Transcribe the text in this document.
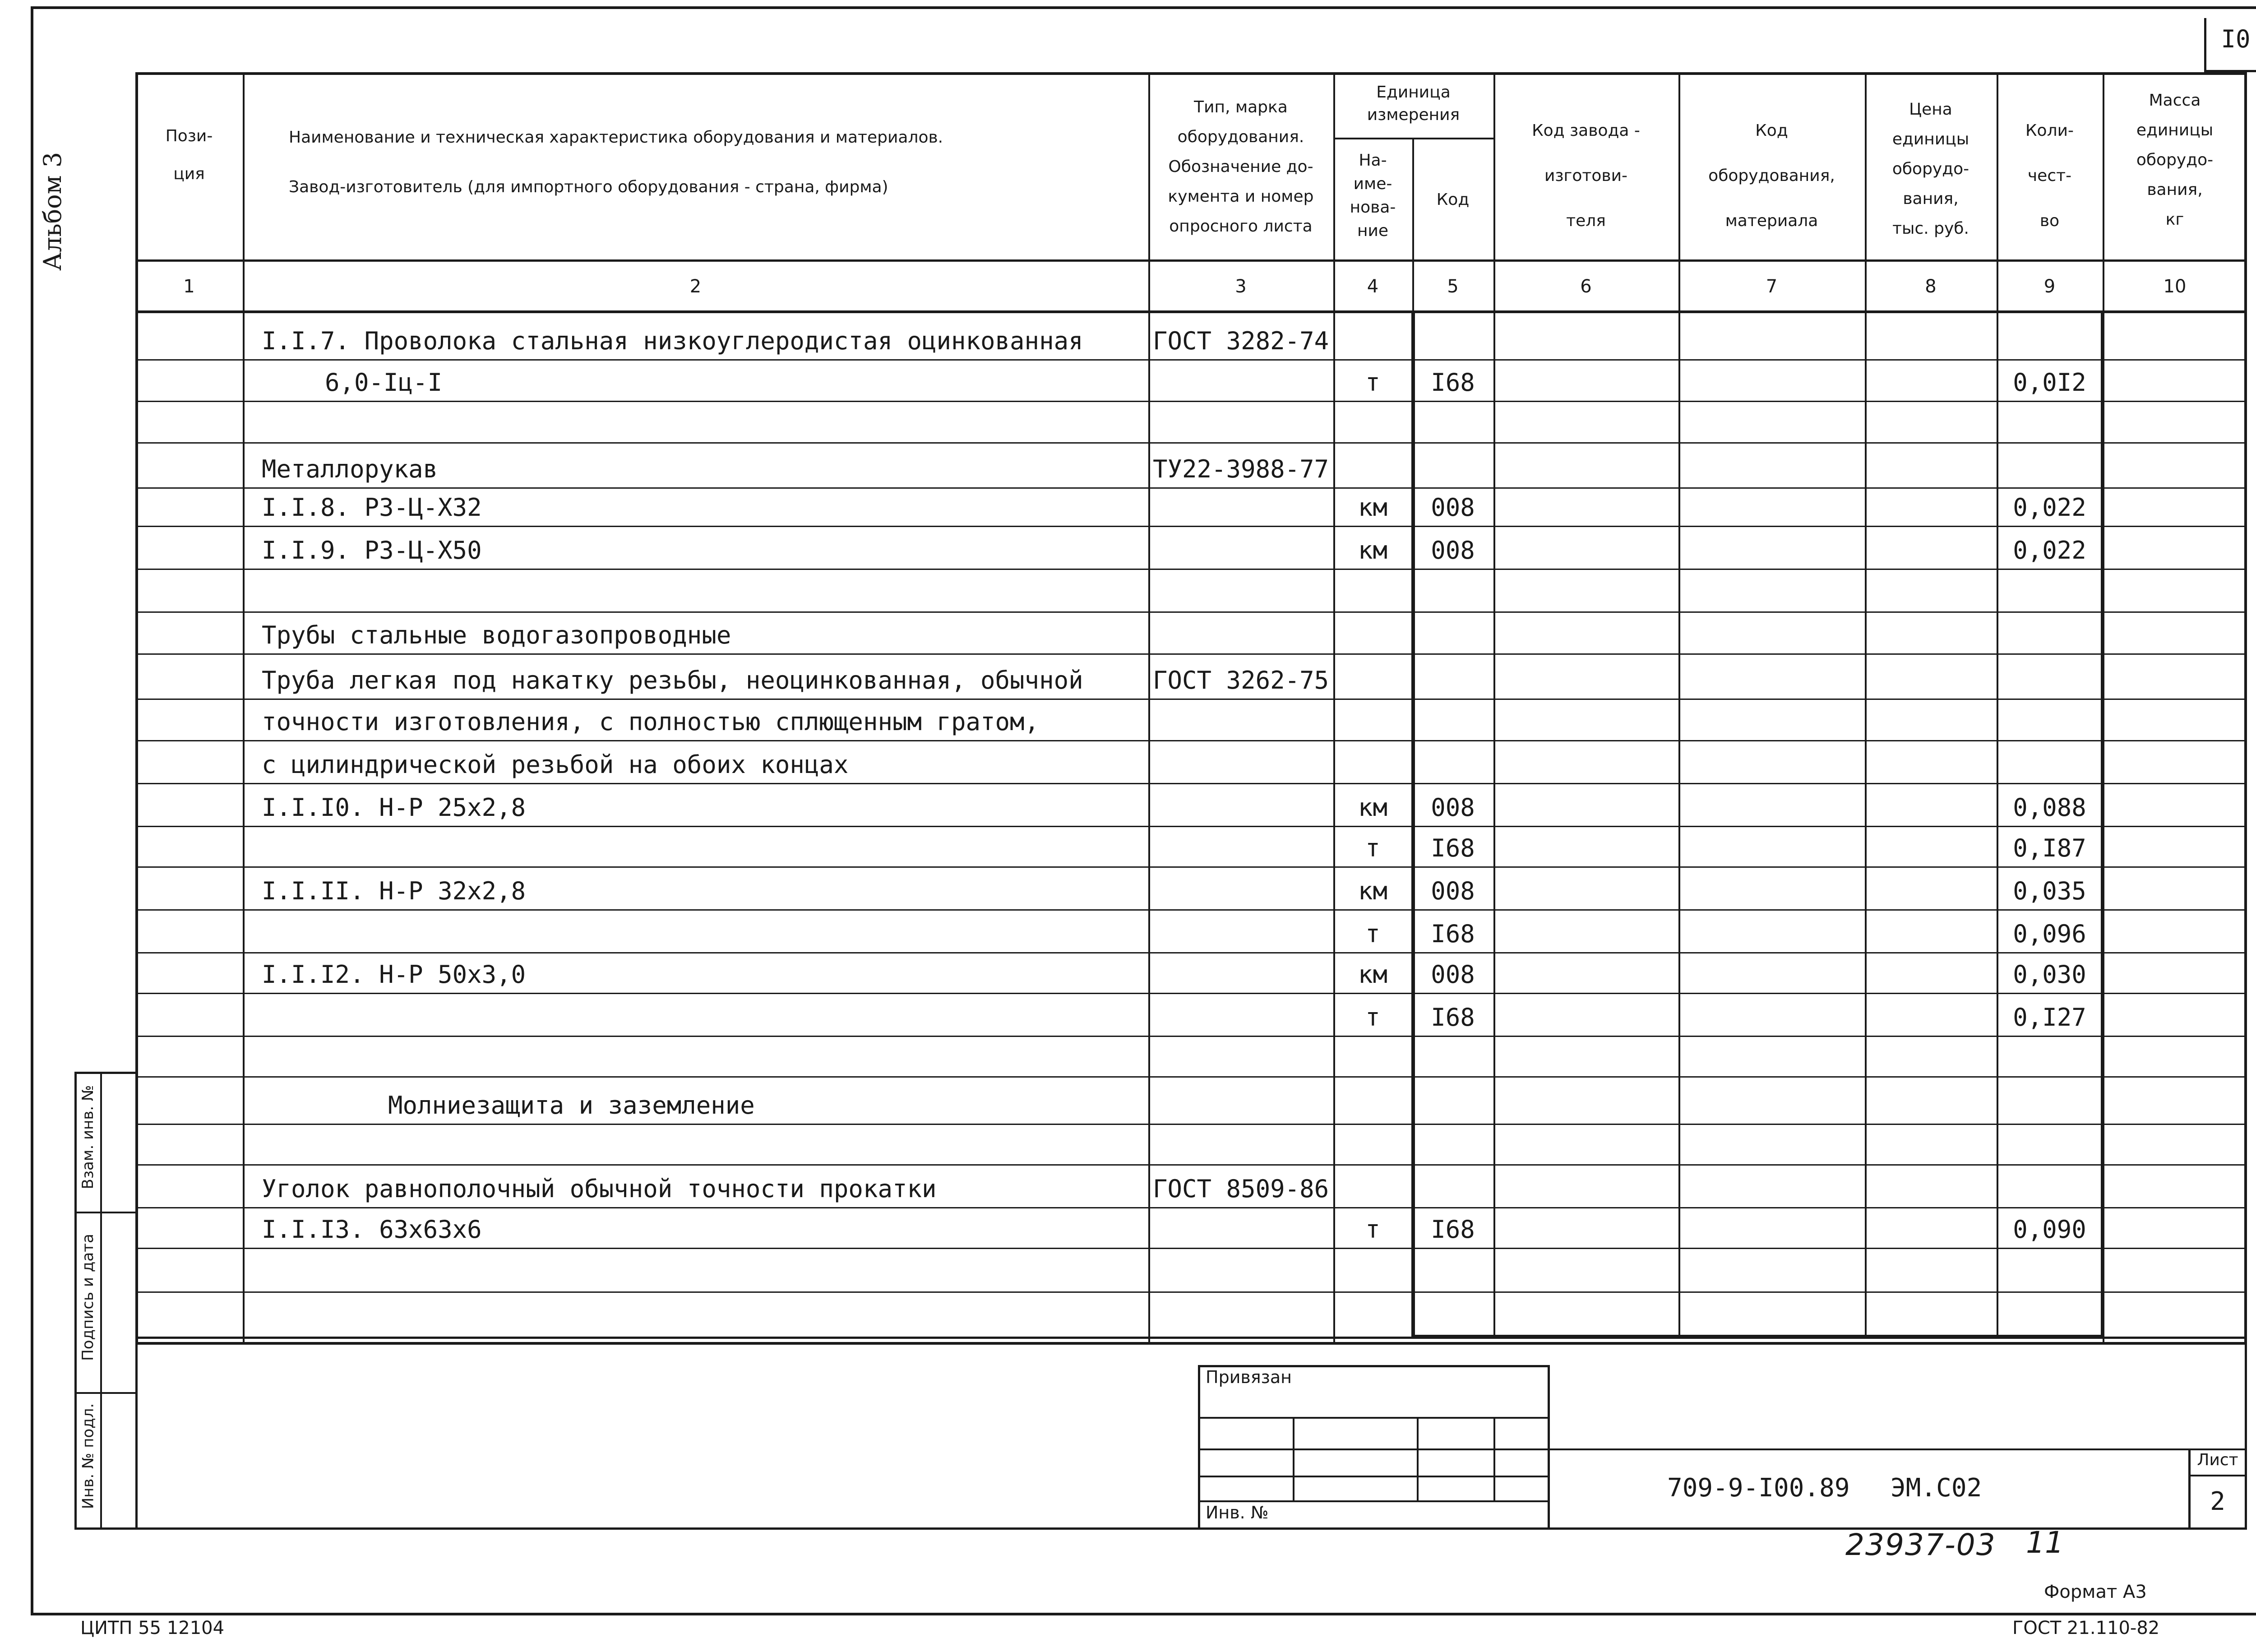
I0
Альбом 3
Пози-
ция
Наименование и техническая характеристика оборудования и материалов.
Завод-изготовитель (для импортного оборудования - страна, фирма)
Тип, марка
оборудования.
Обозначение до-
кумента и номер
опросного листа
Единица
измерения
На-
име-
нова-
ние
Код
Код завода -
изготови-
теля
Код
оборудования,
материала
Цена
единицы
оборудо-
вания,
тыс. руб.
Коли-
чест-
во
Масса
единицы
оборудо-
вания,
кг
1	2	3	4	5	6	7	8	9	10
I.I.7. Проволока стальная низкоуглеродистая оцинкованная	ГОСТ 3282-74
6,0-Iц-I	т	I68	0,0I2
Металлорукав	ТУ22-3988-77
I.I.8. Р3-Ц-Х32	км	008	0,022
I.I.9. Р3-Ц-Х50	км	008	0,022
Трубы стальные водогазопроводные
Труба легкая под накатку резьбы, неоцинкованная, обычной	ГОСТ 3262-75
точности изготовления, с полностью сплющенным гратом,
с цилиндрической резьбой на обоих концах
I.I.I0. Н-Р 25х2,8	км	008	0,088
т	I68	0,I87
I.I.II. Н-Р 32х2,8	км	008	0,035
т	I68	0,096
I.I.I2. Н-Р 50х3,0	км	008	0,030
т	I68	0,I27
Молниезащита и заземление
Уголок равнополочный обычной точности прокатки	ГОСТ 8509-86
I.I.I3. 63х63х6	т	I68	0,090
Взам. инв. №
Подпись и дата
Инв. № подл.
Привязан
Инв. №
709-9-I00.89 ЭМ.С02
Лист
2
23937-03 11
Формат А3
ГОСТ 21.110-82
ЦИТП 55 12104
